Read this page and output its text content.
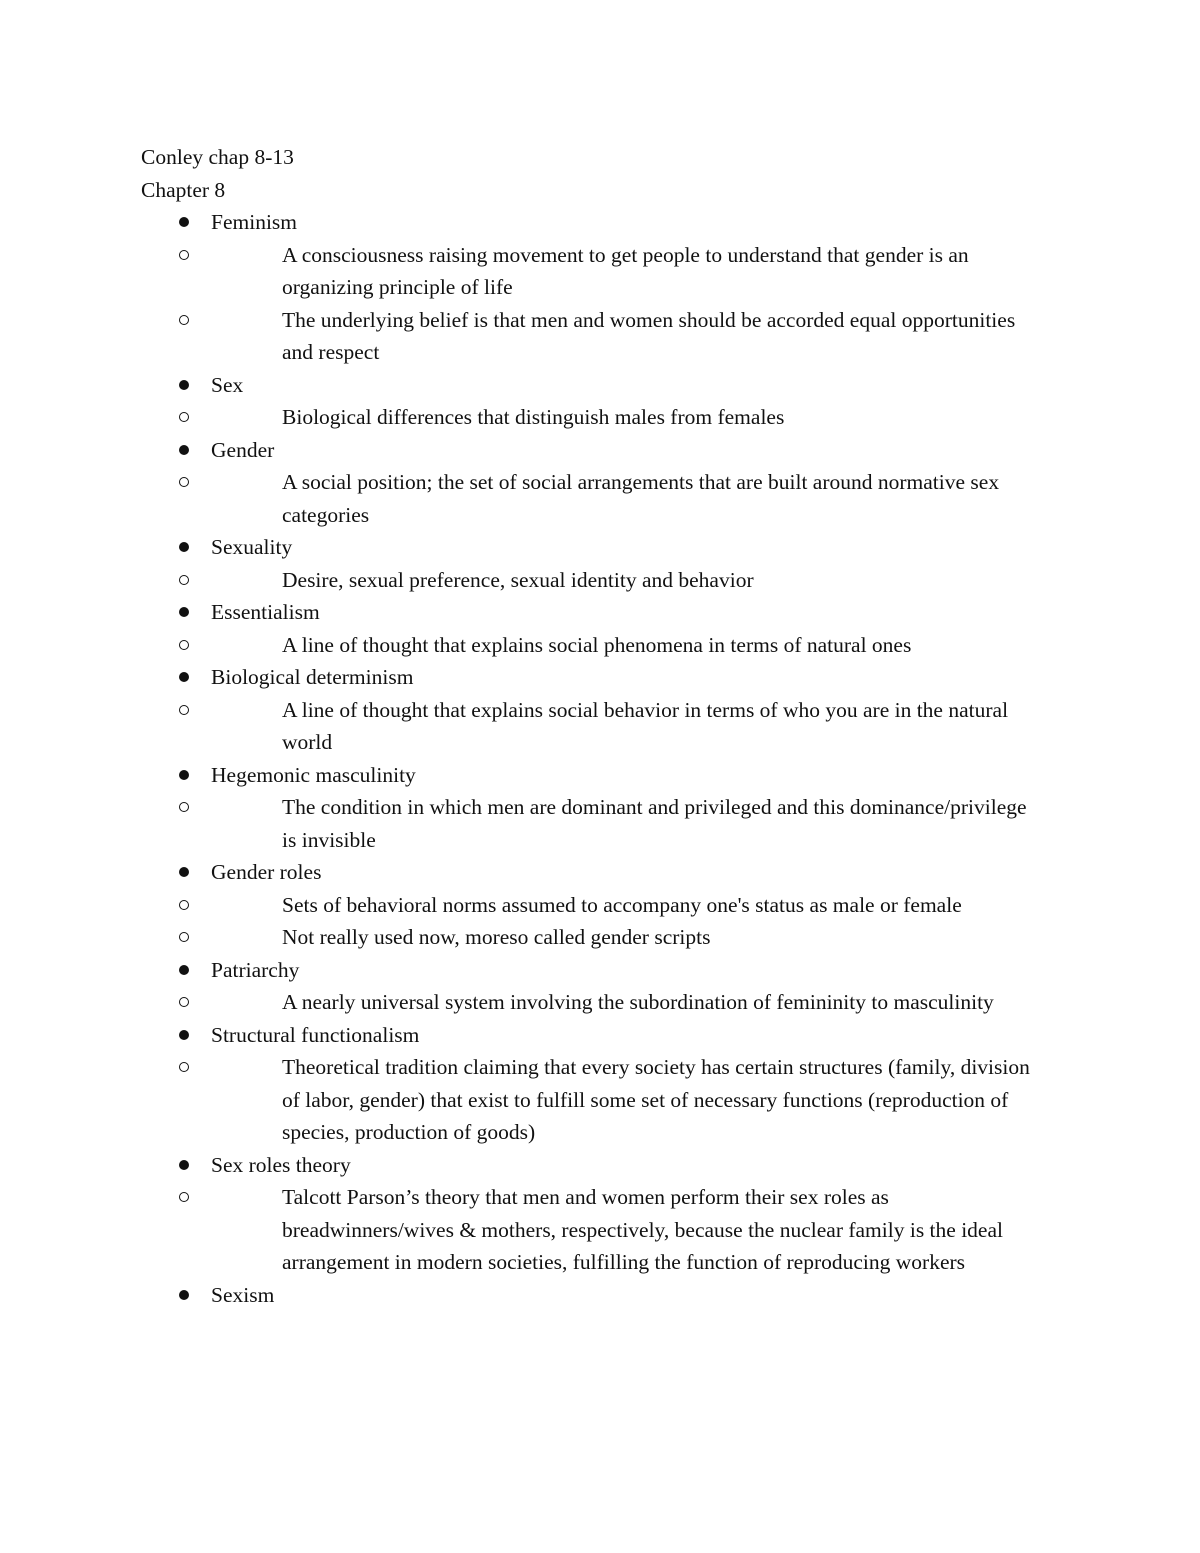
Conley chap 8-13

Chapter 8

Feminism
A consciousness raising movement to get people to understand that gender is an organizing principle of life
The underlying belief is that men and women should be accorded equal opportunities and respect
Sex
Biological differences that distinguish males from females
Gender
A social position; the set of social arrangements that are built around normative sex categories
Sexuality
Desire, sexual preference, sexual identity and behavior
Essentialism
A line of thought that explains social phenomena in terms of natural ones
Biological determinism
A line of thought that explains social behavior in terms of who you are in the natural world
Hegemonic masculinity
The condition in which men are dominant and privileged and this dominance/privilege is invisible
Gender roles
Sets of behavioral norms assumed to accompany one's status as male or female
Not really used now, moreso called gender scripts
Patriarchy
A nearly universal system involving the subordination of femininity to masculinity
Structural functionalism
Theoretical tradition claiming that every society has certain structures (family, division of labor, gender) that exist to fulfill some set of necessary functions (reproduction of species, production of goods)
Sex roles theory
Talcott Parson’s theory that men and women perform their sex roles as breadwinners/wives & mothers, respectively, because the nuclear family is the ideal arrangement in modern societies, fulfilling the function of reproducing workers
Sexism
